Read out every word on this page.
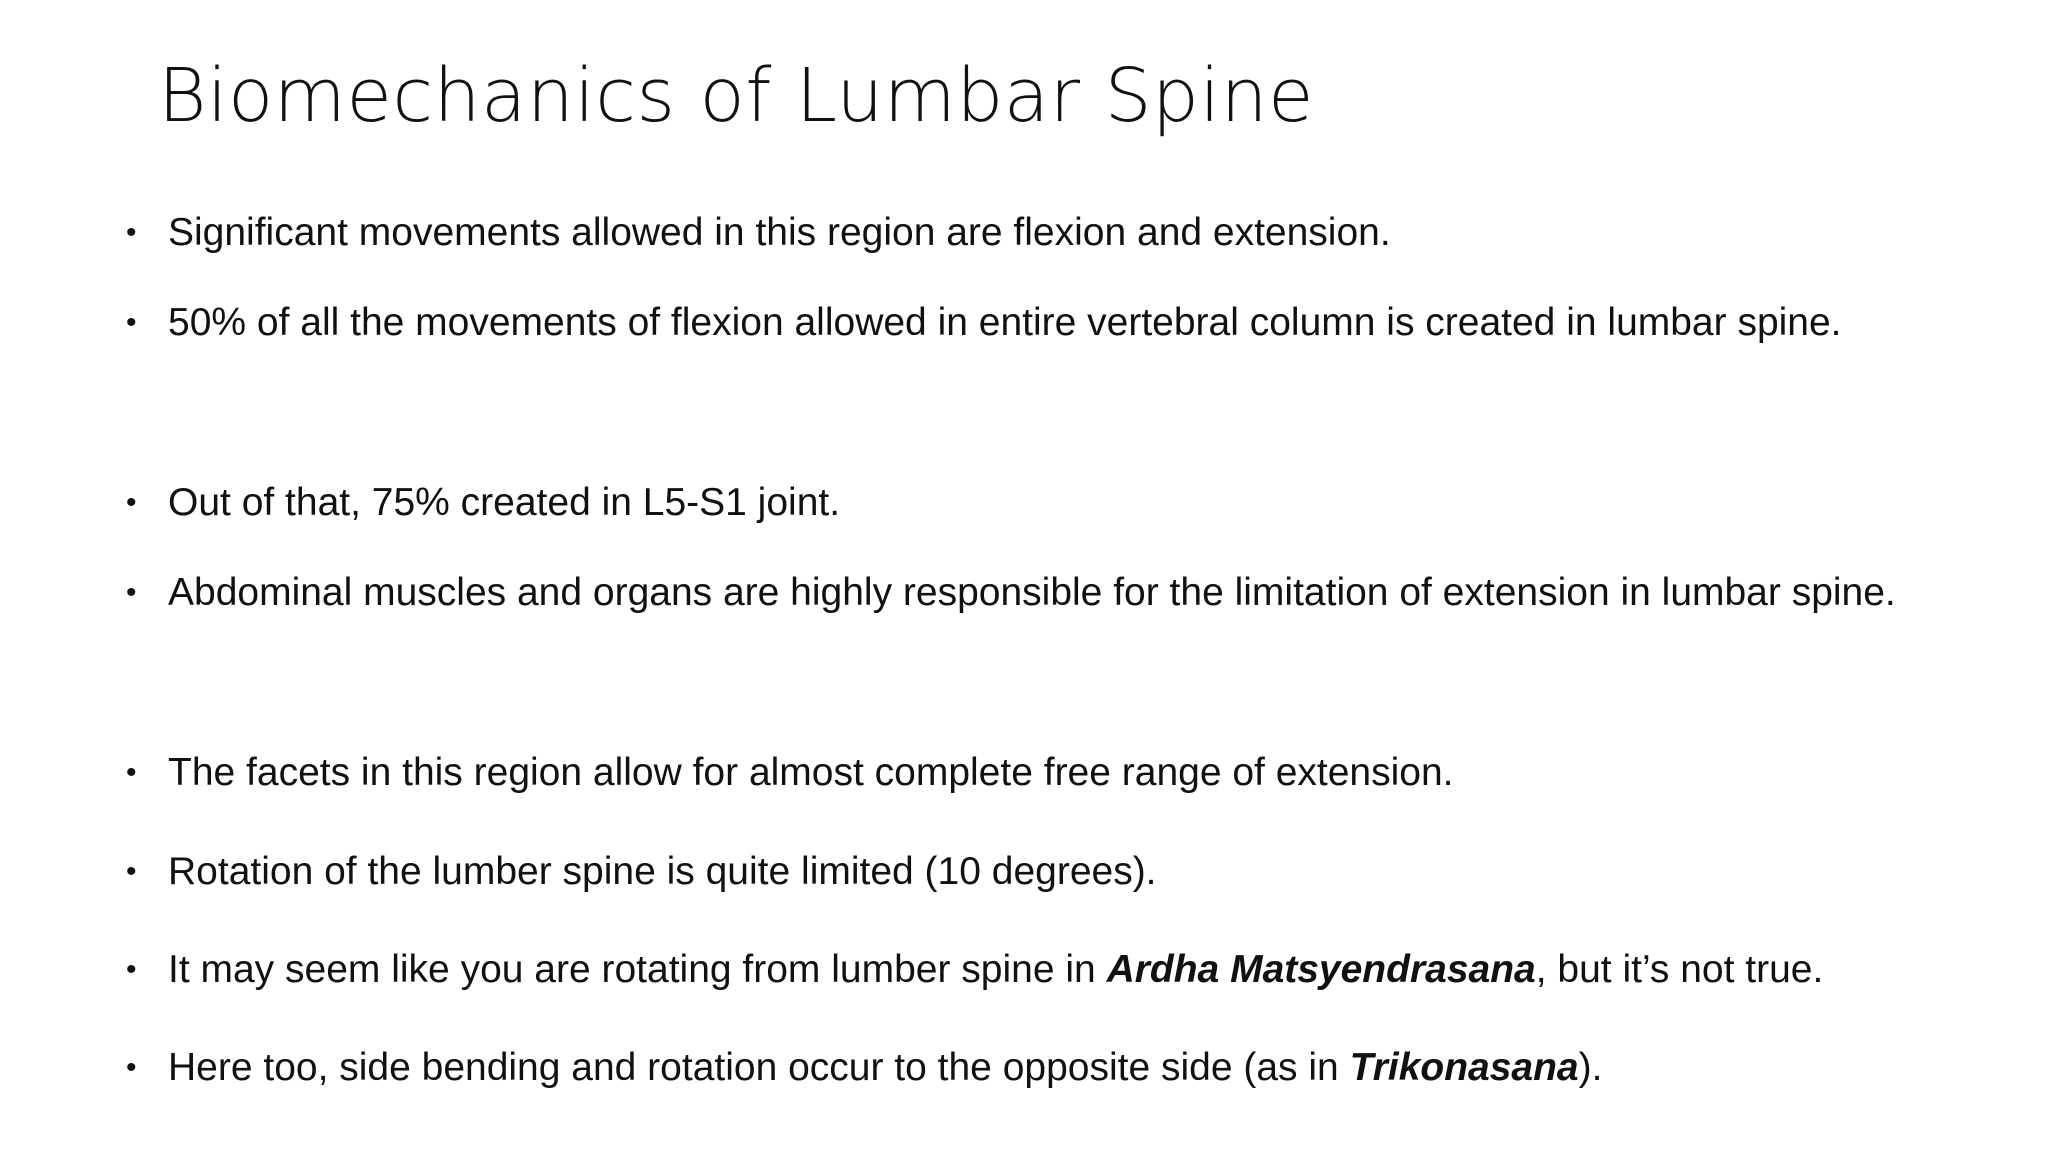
Biomechanics of Lumbar Spine
• Significant movements allowed in this region are flexion and extension.
• 50% of all the movements of flexion allowed in entire vertebral column is created in lumbar spine.
• Out of that, 75% created in L5-S1 joint.
• Abdominal muscles and organs are highly responsible for the limitation of extension in lumbar spine.
• The facets in this region allow for almost complete free range of extension.
• Rotation of the lumber spine is quite limited (10 degrees).
• It may seem like you are rotating from lumber spine in Ardha Matsyendrasana, but it’s not true.
• Here too, side bending and rotation occur to the opposite side (as in Trikonasana).
